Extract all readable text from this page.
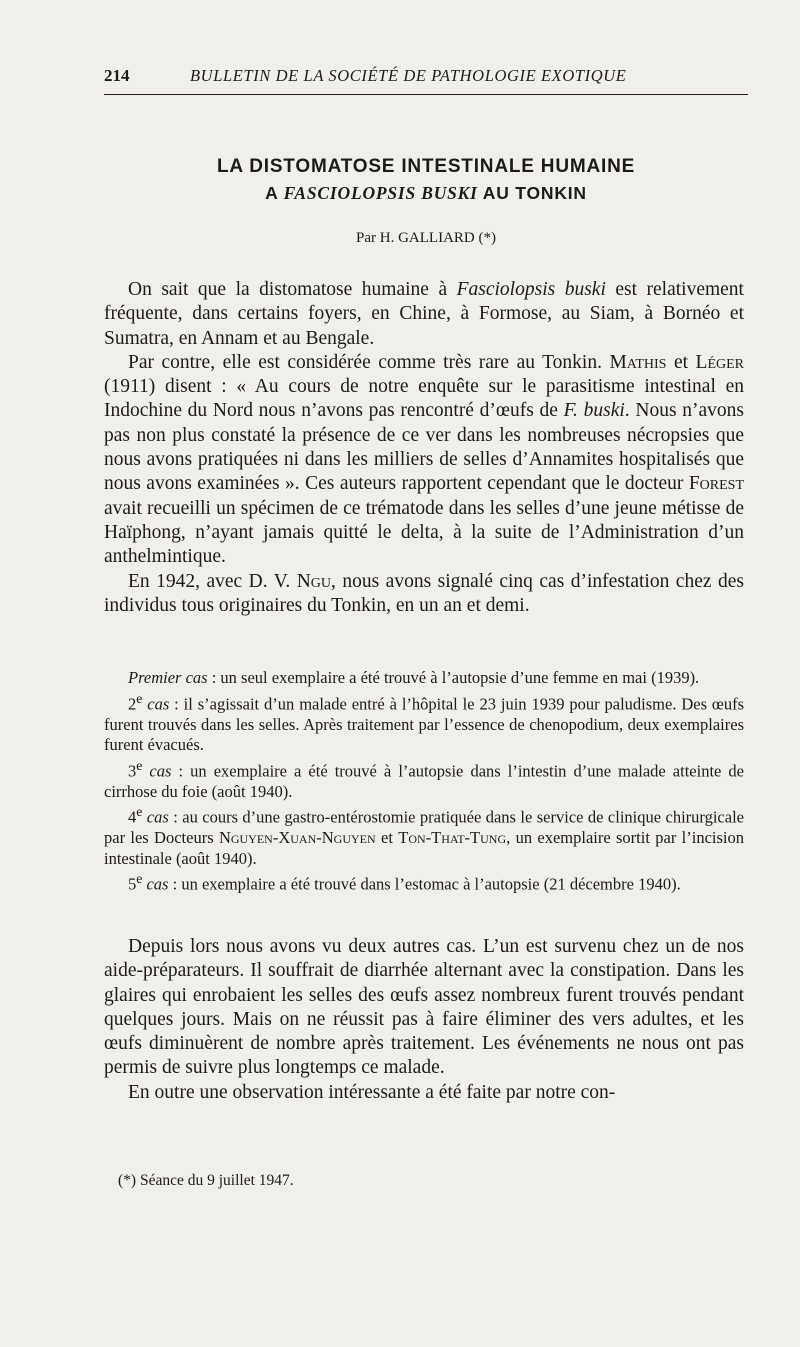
214	BULLETIN DE LA SOCIÉTÉ DE PATHOLOGIE EXOTIQUE
LA DISTOMATOSE INTESTINALE HUMAINE
A FASCIOLOPSIS BUSKI AU TONKIN
Par H. GALLIARD (*)

On sait que la distomatose humaine à Fasciolopsis buski est relativement fréquente, dans certains foyers, en Chine, à Formose, au Siam, à Bornéo et Sumatra, en Annam et au Bengale.

Par contre, elle est considérée comme très rare au Tonkin. Mathis et Léger (1911) disent : « Au cours de notre enquête sur le parasitisme intestinal en Indochine du Nord nous n’avons pas rencontré d’œufs de F. buski. Nous n’avons pas non plus constaté la présence de ce ver dans les nombreuses nécropsies que nous avons pratiquées ni dans les milliers de selles d’Annamites hospitalisés que nous avons examinées ». Ces auteurs rapportent cependant que le docteur Forest avait recueilli un spécimen de ce trématode dans les selles d’une jeune métisse de Haïphong, n’ayant jamais quitté le delta, à la suite de l’Administration d’un anthelmintique.

En 1942, avec D. V. Ngu, nous avons signalé cinq cas d’infestation chez des individus tous originaires du Tonkin, en un an et demi.

Premier cas : un seul exemplaire a été trouvé à l’autopsie d’une femme en mai (1939).

2e cas : il s’agissait d’un malade entré à l’hôpital le 23 juin 1939 pour paludisme. Des œufs furent trouvés dans les selles. Après traitement par l’essence de chenopodium, deux exemplaires furent évacués.

3e cas : un exemplaire a été trouvé à l’autopsie dans l’intestin d’une malade atteinte de cirrhose du foie (août 1940).

4e cas : au cours d’une gastro-entérostomie pratiquée dans le service de clinique chirurgicale par les Docteurs Nguyen-Xuan-Nguyen et Ton-That-Tung, un exemplaire sortit par l’incision intestinale (août 1940).

5e cas : un exemplaire a été trouvé dans l’estomac à l’autopsie (21 décembre 1940).

Depuis lors nous avons vu deux autres cas. L’un est survenu chez un de nos aide-préparateurs. Il souffrait de diarrhée alternant avec la constipation. Dans les glaires qui enrobaient les selles des œufs assez nombreux furent trouvés pendant quelques jours. Mais on ne réussit pas à faire éliminer des vers adultes, et les œufs diminuèrent de nombre après traitement. Les événements ne nous ont pas permis de suivre plus longtemps ce malade.

En outre une observation intéressante a été faite par notre con-

(*) Séance du 9 juillet 1947.
